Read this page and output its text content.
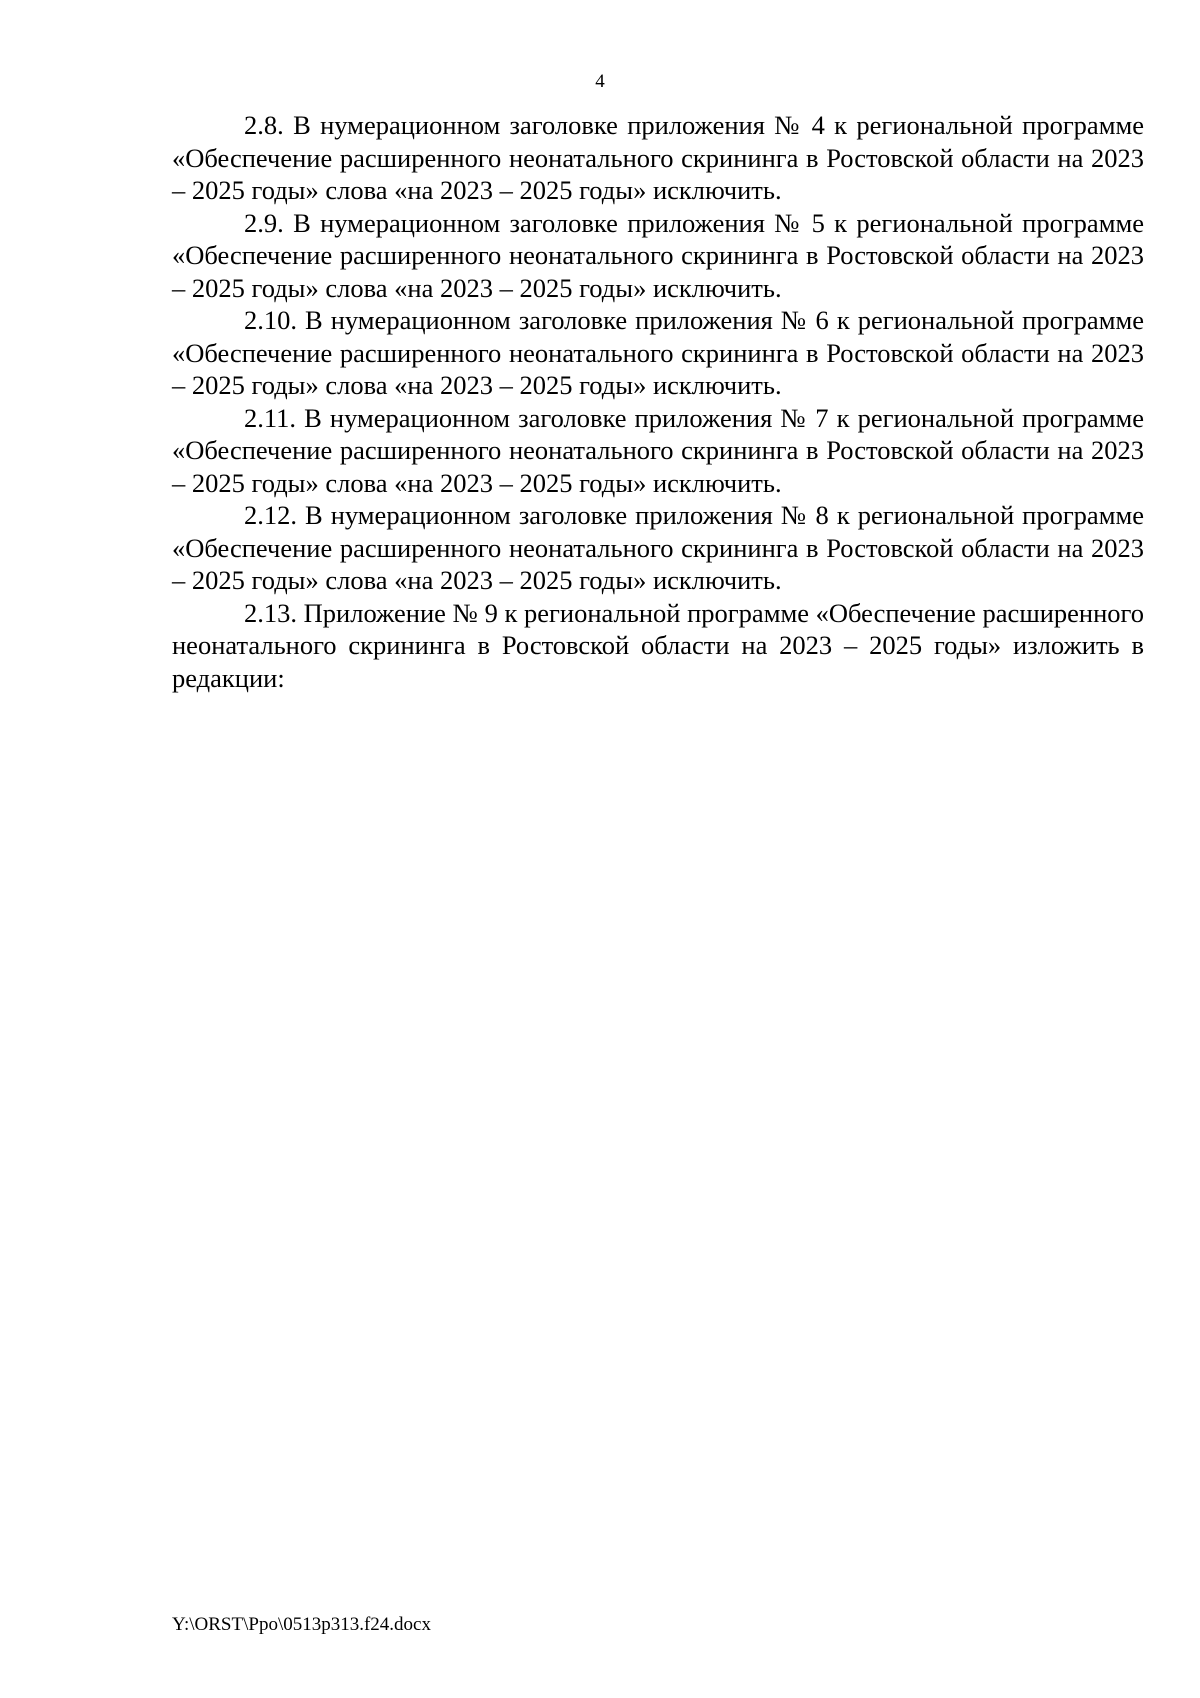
4

2.8. В нумерационном заголовке приложения № 4 к региональной программе «Обеспечение расширенного неонатального скрининга в Ростовской области на 2023 – 2025 годы» слова «на 2023 – 2025 годы» исключить.

2.9. В нумерационном заголовке приложения № 5 к региональной программе «Обеспечение расширенного неонатального скрининга в Ростовской области на 2023 – 2025 годы» слова «на 2023 – 2025 годы» исключить.

2.10. В нумерационном заголовке приложения № 6 к региональной программе «Обеспечение расширенного неонатального скрининга в Ростовской области на 2023 – 2025 годы» слова «на 2023 – 2025 годы» исключить.

2.11. В нумерационном заголовке приложения № 7 к региональной программе «Обеспечение расширенного неонатального скрининга в Ростовской области на 2023 – 2025 годы» слова «на 2023 – 2025 годы» исключить.

2.12. В нумерационном заголовке приложения № 8 к региональной программе «Обеспечение расширенного неонатального скрининга в Ростовской области на 2023 – 2025 годы» слова «на 2023 – 2025 годы» исключить.

2.13. Приложение № 9 к региональной программе «Обеспечение расширенного неонатального скрининга в Ростовской области на 2023 – 2025 годы» изложить в редакции:

Y:\ORST\Ppo\0513p313.f24.docx
